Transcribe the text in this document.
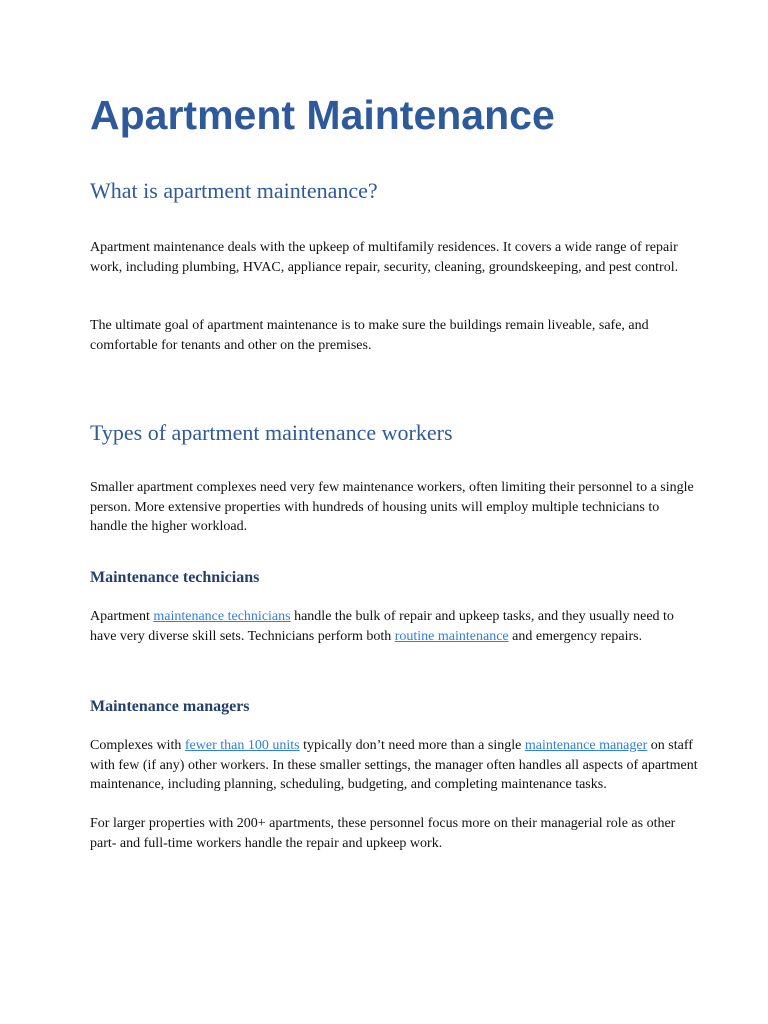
Apartment Maintenance
What is apartment maintenance?

Apartment maintenance deals with the upkeep of multifamily residences. It covers a wide range of repair work, including plumbing, HVAC, appliance repair, security, cleaning, groundskeeping, and pest control.

The ultimate goal of apartment maintenance is to make sure the buildings remain liveable, safe, and comfortable for tenants and other on the premises.

Types of apartment maintenance workers

Smaller apartment complexes need very few maintenance workers, often limiting their personnel to a single person. More extensive properties with hundreds of housing units will employ multiple technicians to handle the higher workload.

Maintenance technicians

Apartment maintenance technicians handle the bulk of repair and upkeep tasks, and they usually need to have very diverse skill sets. Technicians perform both routine maintenance and emergency repairs.

Maintenance managers

Complexes with fewer than 100 units typically don’t need more than a single maintenance manager on staff with few (if any) other workers. In these smaller settings, the manager often handles all aspects of apartment maintenance, including planning, scheduling, budgeting, and completing maintenance tasks.

For larger properties with 200+ apartments, these personnel focus more on their managerial role as other part- and full-time workers handle the repair and upkeep work.
